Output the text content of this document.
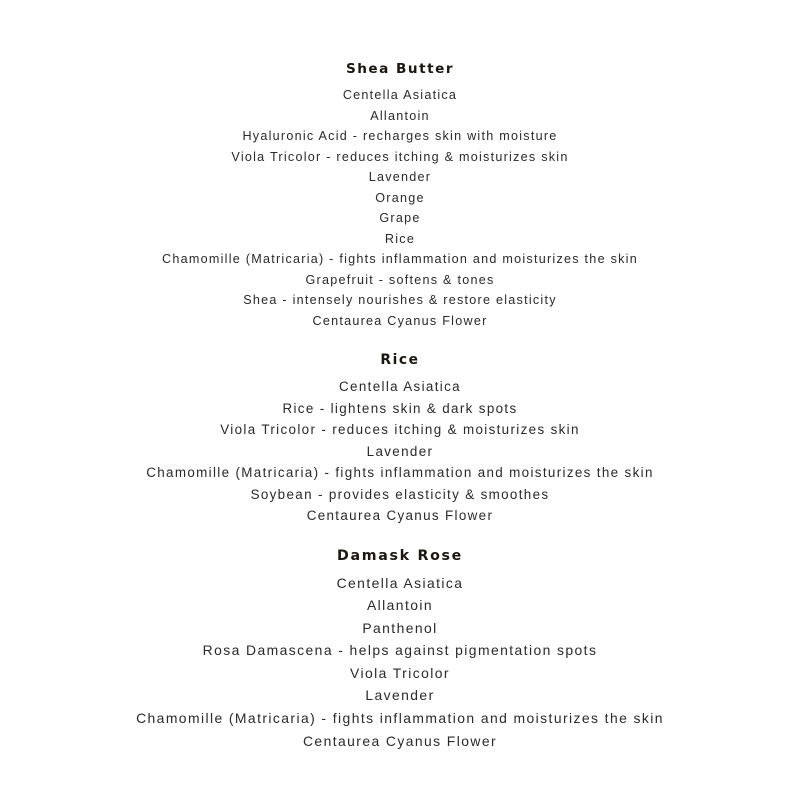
Shea Butter
Centella Asiatica
Allantoin
Hyaluronic Acid - recharges skin with moisture
Viola Tricolor - reduces itching & moisturizes skin
Lavender
Orange
Grape
Rice
Chamomille (Matricaria) - fights inflammation and moisturizes the skin
Grapefruit - softens & tones
Shea - intensely nourishes & restore elasticity
Centaurea Cyanus Flower
Rice
Centella Asiatica
Rice - lightens skin & dark spots
Viola Tricolor - reduces itching & moisturizes skin
Lavender
Chamomille (Matricaria) - fights inflammation and moisturizes the skin
Soybean - provides elasticity & smoothes
Centaurea Cyanus Flower
Damask Rose
Centella Asiatica
Allantoin
Panthenol
Rosa Damascena - helps against pigmentation spots
Viola Tricolor
Lavender
Chamomille (Matricaria) - fights inflammation and moisturizes the skin
Centaurea Cyanus Flower
